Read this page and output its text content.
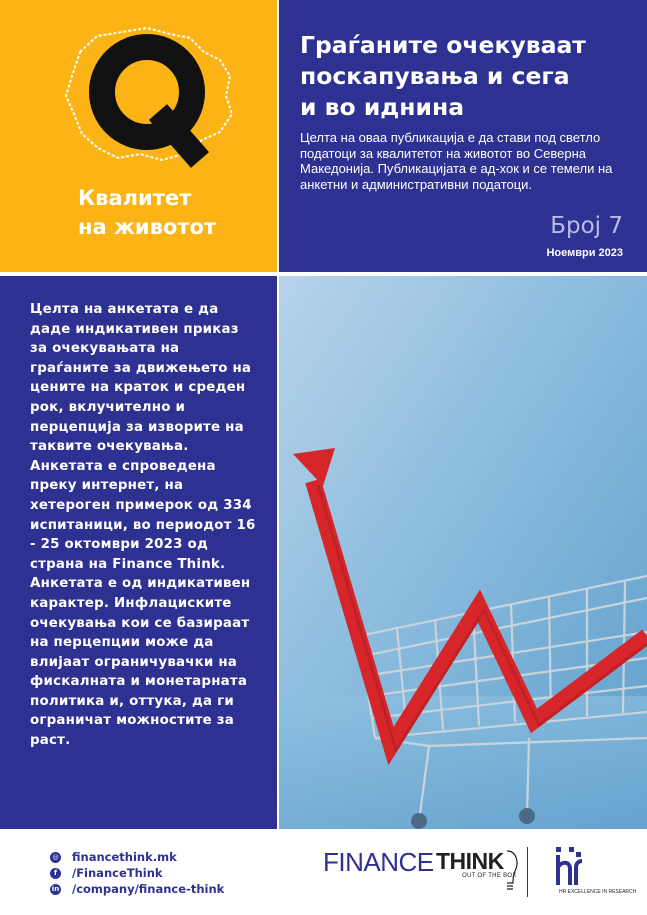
Квалитет
на животот
Граѓаните очекуваат
поскапувања и сега
и во иднина
Целта на оваа публикација е да стави под светло податоци за квалитетот на животот во Северна Македонија. Публикацијата е ад-хок и се темели на анкетни и административни податоци.
Број 7
Ноември 2023
Целта на анкетата е да даде индикативен приказ за очекувањата на граѓаните за движењето на цените на краток и среден рок, вклучително и перцепција за изворите на таквите очекувања. Анкетата е спроведена преку интернет, на хетероген примерок од 334 испитаници, во периодот 16 - 25 октомври 2023 од страна на Finance Think. Анкетата е од индикативен карактер. Инфлациските очекувања кои се базираат на перцепции може да влијаат ограничувачки на фискалната и монетарната политика и, оттука, да ги ограничат можностите за раст.
◎ financethink.mk
f	/FinanceThink
in /company/finance-think
FINANCE THINK
OUT OF THE BOX
HR EXCELLENCE IN RESEARCH
